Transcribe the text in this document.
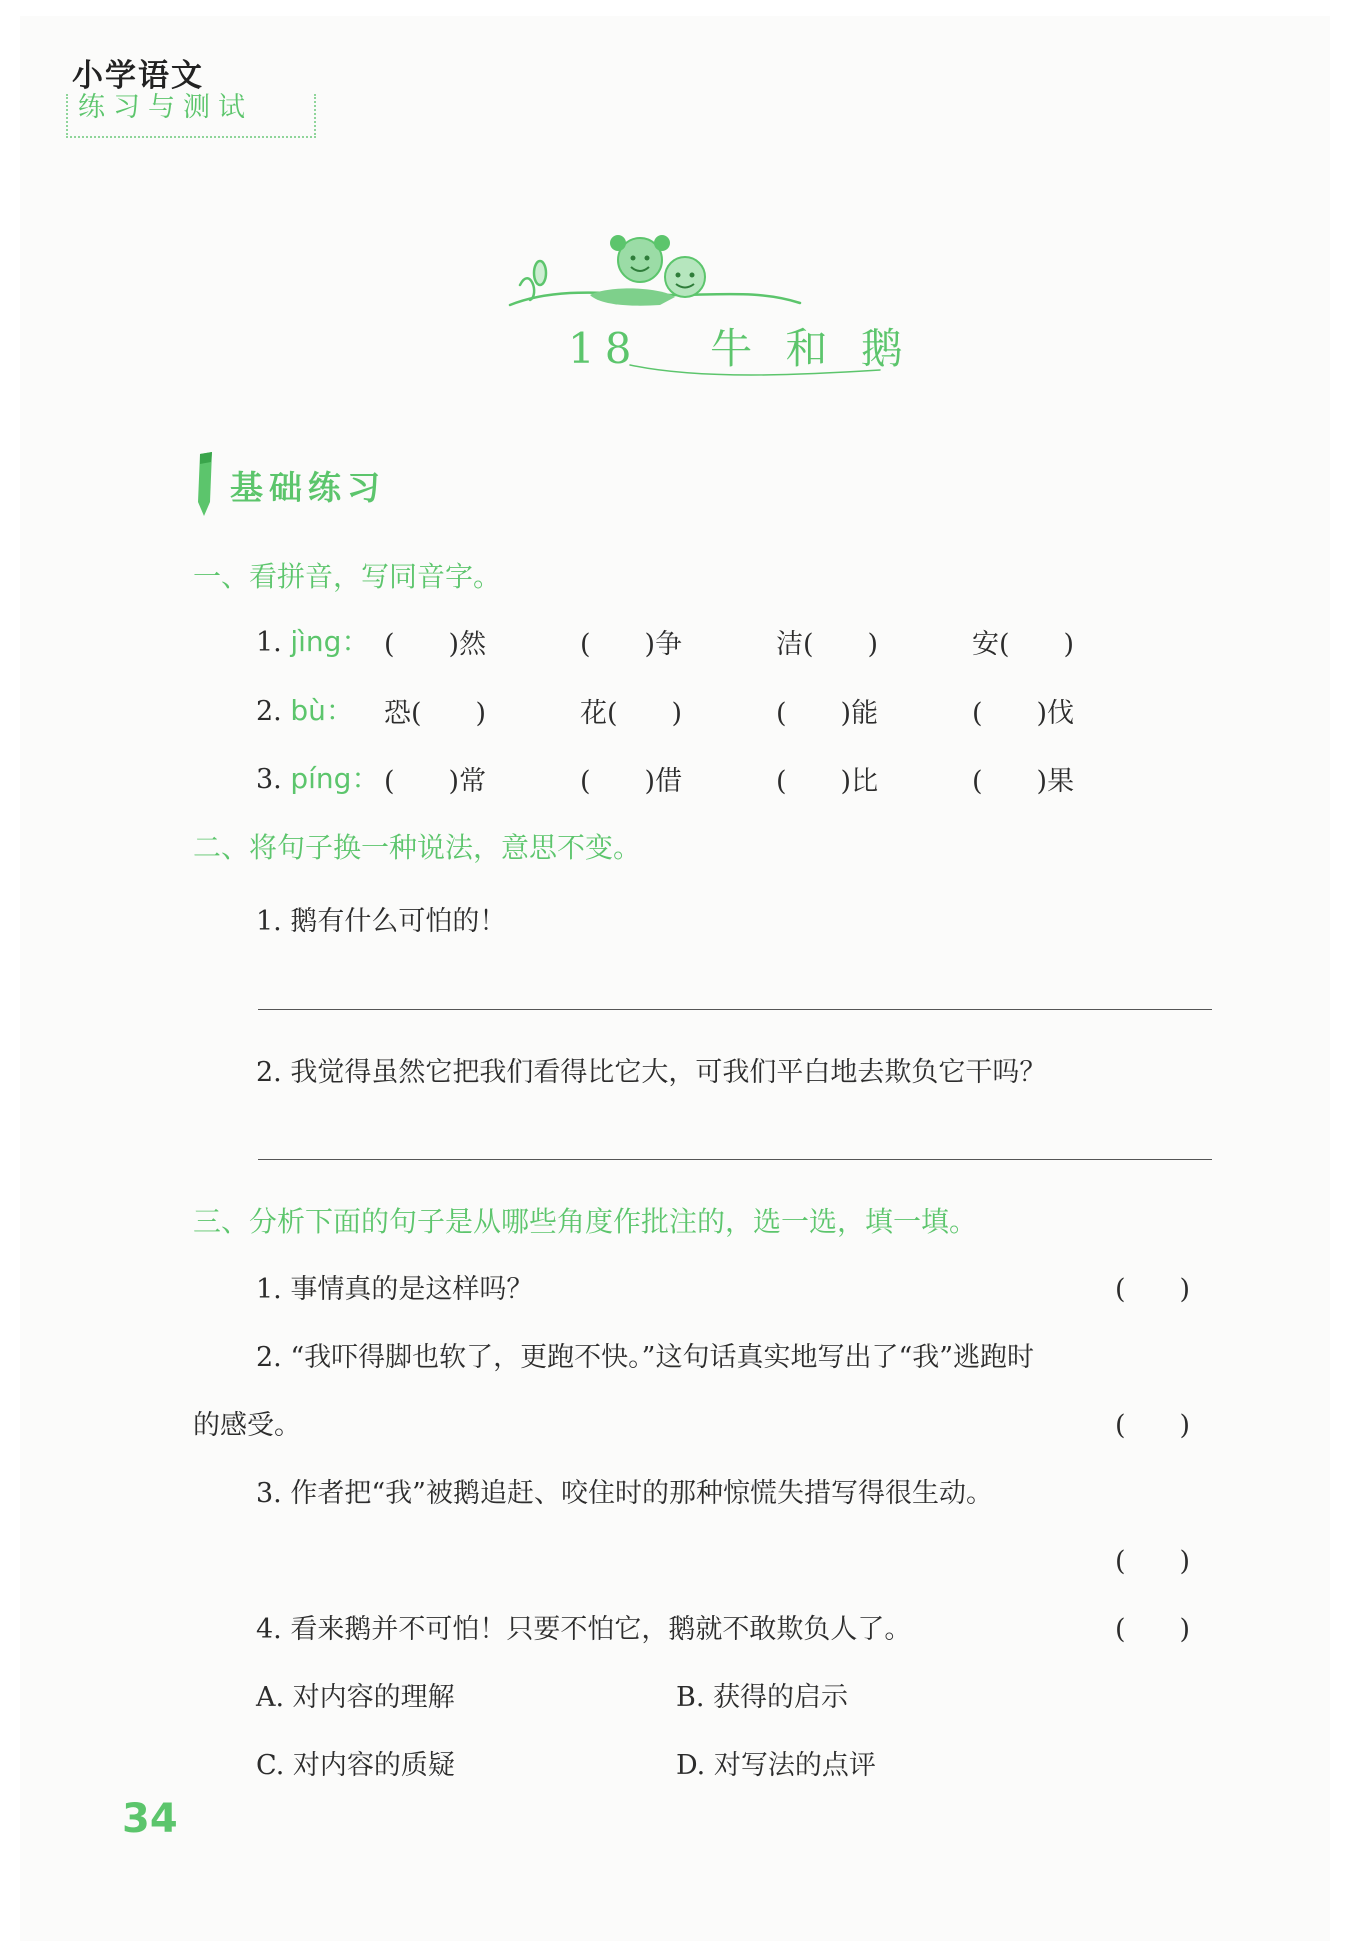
小学语文
练习与测试
18 牛 和 鹅
基础练习
一、看拼音，写同音字。
1. jìng： (　　)然	(　　)争	洁(　　)	安(　　)
2. bù： 恐(　　)	花(　　)	(　　)能	(　　)伐
3. píng： (　　)常	(　　)借	(　　)比	(　　)果
二、将句子换一种说法，意思不变。
1. 鹅有什么可怕的！
2. 我觉得虽然它把我们看得比它大，可我们平白地去欺负它干吗？
三、分析下面的句子是从哪些角度作批注的，选一选，填一填。
1. 事情真的是这样吗？	(　　)
2. “我吓得脚也软了，更跑不快。”这句话真实地写出了“我”逃跑时
的感受。	(　　)
3. 作者把“我”被鹅追赶、咬住时的那种惊慌失措写得很生动。
(　　)
4. 看来鹅并不可怕！只要不怕它，鹅就不敢欺负人了。	(　　)
A. 对内容的理解	B. 获得的启示
C. 对内容的质疑	D. 对写法的点评
34
